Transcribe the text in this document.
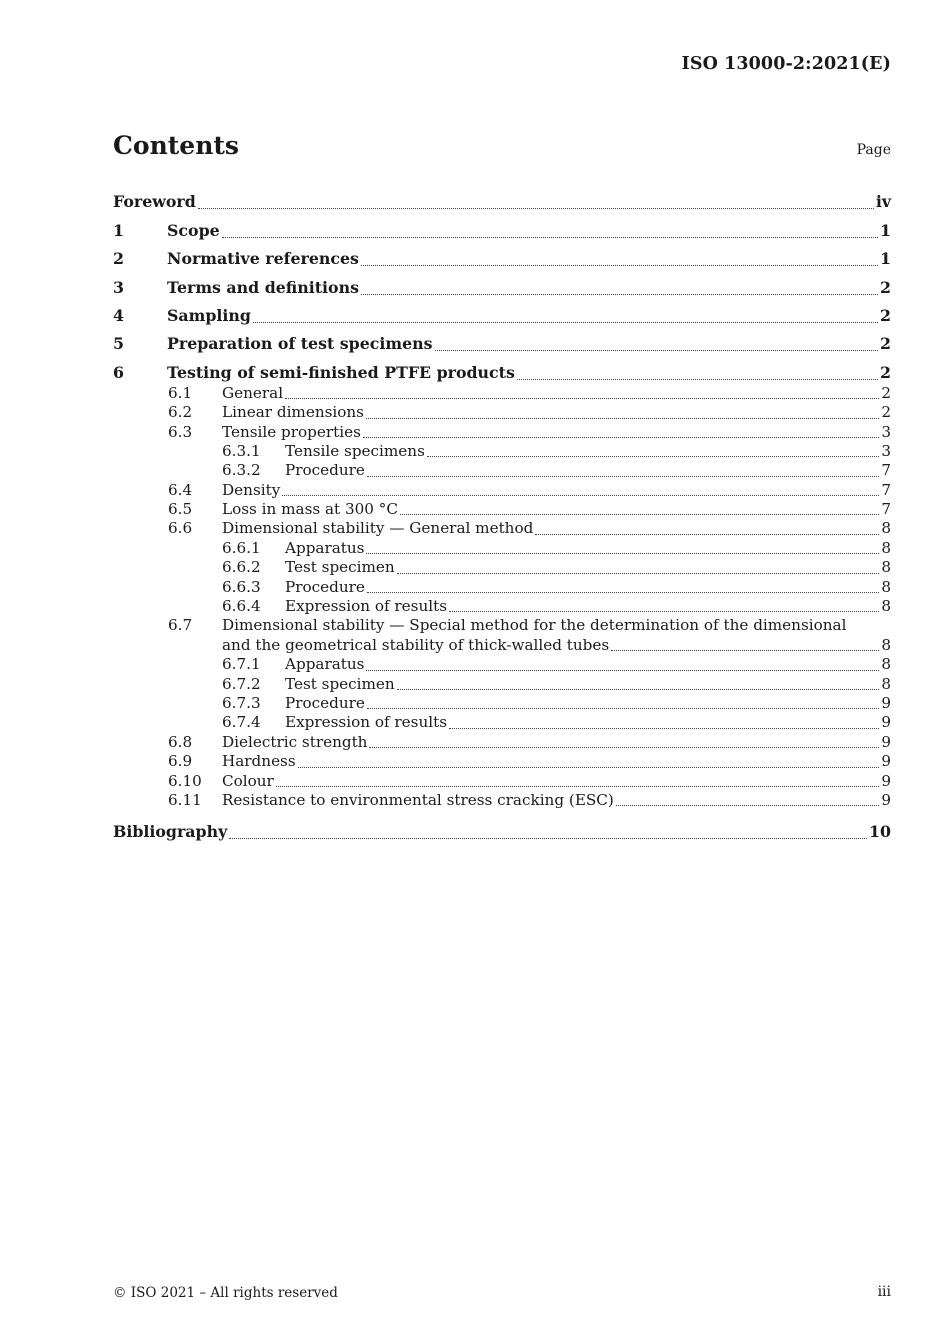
ISO 13000-2:2021(E)
Contents	Page
Foreword	iv
1	Scope	1
2	Normative references	1
3	Terms and definitions	2
4	Sampling	2
5	Preparation of test specimens	2
6	Testing of semi-finished PTFE products	2
6.1	General	2
6.2	Linear dimensions	2
6.3	Tensile properties	3
6.3.1	Tensile specimens	3
6.3.2	Procedure	7
6.4	Density	7
6.5	Loss in mass at 300 °C	7
6.6	Dimensional stability — General method	8
6.6.1	Apparatus	8
6.6.2	Test specimen	8
6.6.3	Procedure	8
6.6.4	Expression of results	8
6.7	Dimensional stability — Special method for the determination of the dimensional
and the geometrical stability of thick-walled tubes	8
6.7.1	Apparatus	8
6.7.2	Test specimen	8
6.7.3	Procedure	9
6.7.4	Expression of results	9
6.8	Dielectric strength	9
6.9	Hardness	9
6.10	Colour	9
6.11	Resistance to environmental stress cracking (ESC)	9
Bibliography	10
© ISO 2021 – All rights reserved	iii
